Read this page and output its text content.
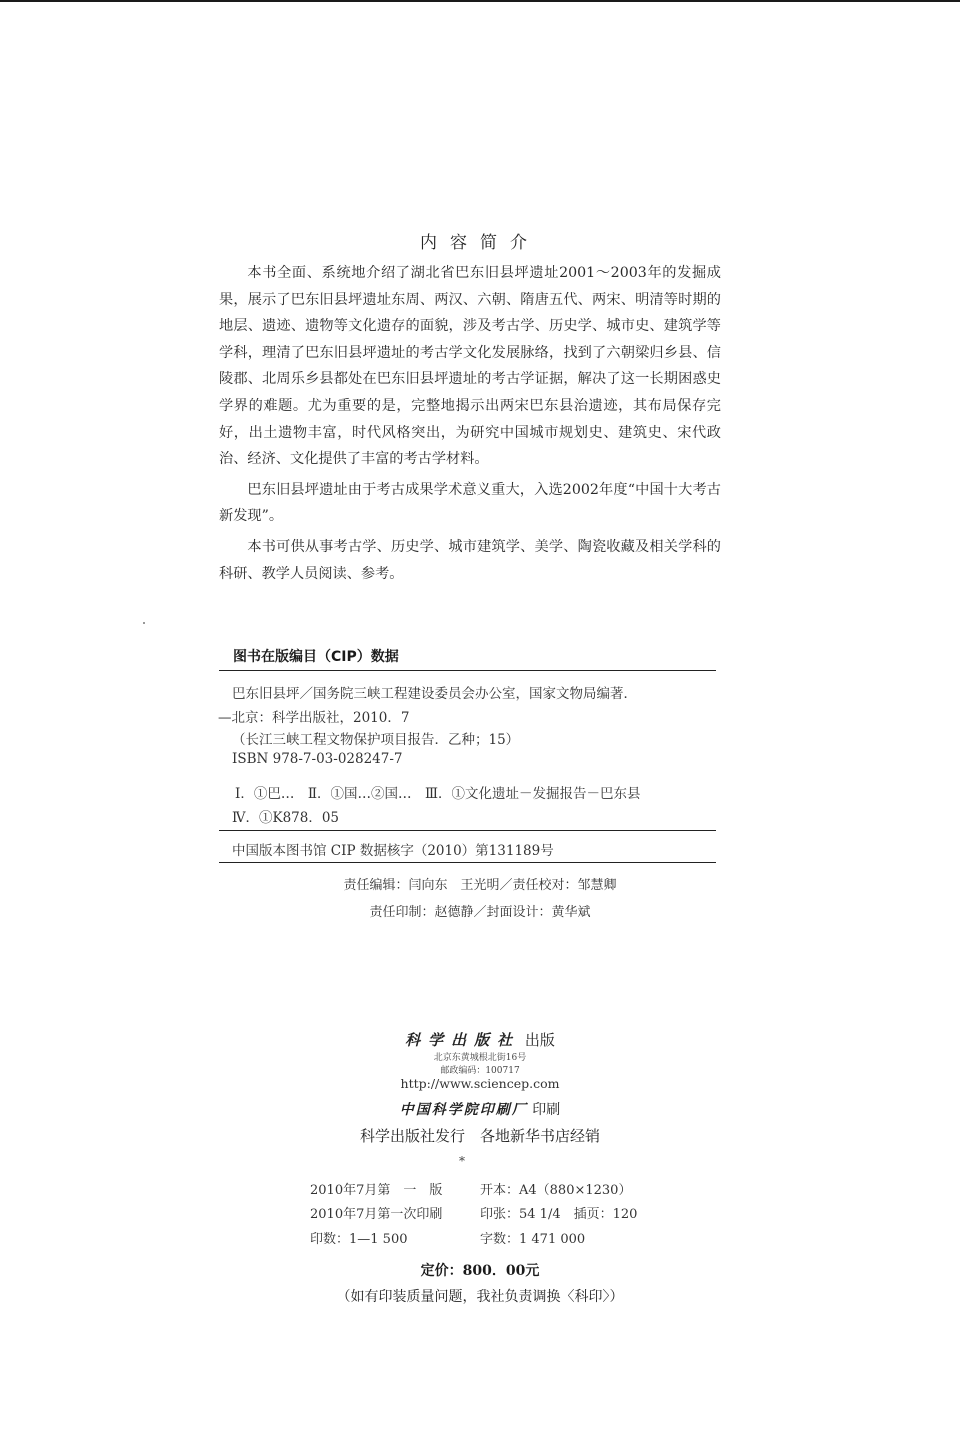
内容简介

本书全面、系统地介绍了湖北省巴东旧县坪遗址2001～2003年的发掘成果，展示了巴东旧县坪遗址东周、两汉、六朝、隋唐五代、两宋、明清等时期的地层、遗迹、遗物等文化遗存的面貌，涉及考古学、历史学、城市史、建筑学等学科，理清了巴东旧县坪遗址的考古学文化发展脉络，找到了六朝梁归乡县、信陵郡、北周乐乡县都处在巴东旧县坪遗址的考古学证据，解决了这一长期困惑史学界的难题。尤为重要的是，完整地揭示出两宋巴东县治遗迹，其布局保存完好，出土遗物丰富，时代风格突出，为研究中国城市规划史、建筑史、宋代政治、经济、文化提供了丰富的考古学材料。

巴东旧县坪遗址由于考古成果学术意义重大，入选2002年度“中国十大考古新发现”。

本书可供从事考古学、历史学、城市建筑学、美学、陶瓷收藏及相关学科的科研、教学人员阅读、参考。

图书在版编目（CIP）数据
巴东旧县坪／国务院三峡工程建设委员会办公室，国家文物局编著．
—北京：科学出版社，2010．7
（长江三峡工程文物保护项目报告．乙种；15）
ISBN 978-7-03-028247-7
Ⅰ．①巴…　Ⅱ．①国…②国…　Ⅲ．①文化遗址－发掘报告－巴东县
Ⅳ．①K878．05
中国版本图书馆 CIP 数据核字（2010）第131189号
责任编辑：闫向东　王光明／责任校对：邹慧卿
责任印制：赵德静／封面设计：黄华斌
科学出版社 出版
北京东黄城根北街16号
邮政编码：100717
http://www.sciencep.com
中国科学院印刷厂 印刷
科学出版社发行　各地新华书店经销
*
2010年7月第　一　版
2010年7月第一次印刷
印数：1—1 500
开本：A4（880×1230）
印张：54 1/4　插页：120
字数：1 471 000
定价：800．00元
（如有印装质量问题，我社负责调换〈科印〉）
